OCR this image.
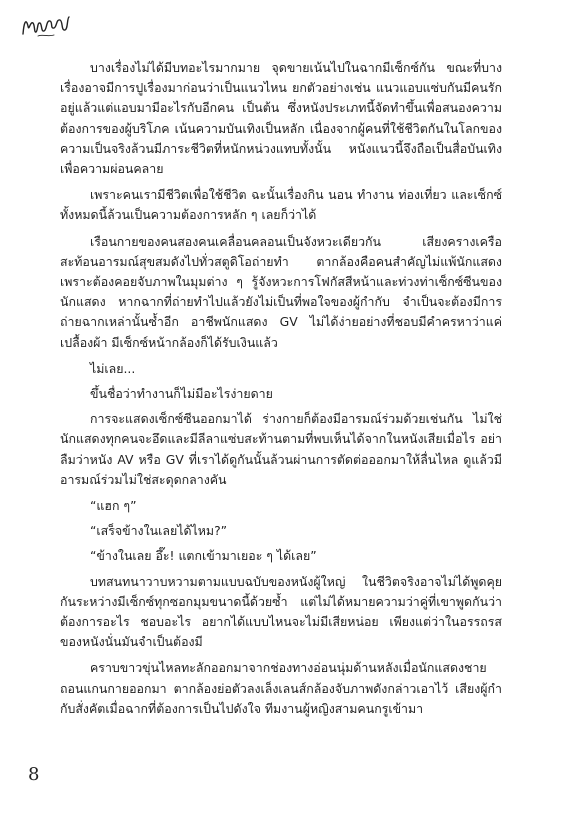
บางเรื่องไม่ได้มีบทอะไรมากมาย จุดขายเน้นไปในฉากมีเซ็กซ์กัน ขณะที่บางเรื่องอาจมีการปูเรื่องมาก่อนว่าเป็นแนวไหน ยกตัวอย่างเช่น แนวแอบแซ่บกันมีคนรักอยู่แล้วแต่แอบมามีอะไรกับอีกคน เป็นต้น ซึ่งหนังประเภทนี้จัดทำขึ้นเพื่อสนองความต้องการของผู้บริโภค เน้นความบันเทิงเป็นหลัก เนื่องจากผู้คนที่ใช้ชีวิตกันในโลกของความเป็นจริงล้วนมีภาระชีวิตที่หนักหน่วงแทบทั้งนั้น หนังแนวนี้จึงถือเป็นสื่อบันเทิงเพื่อความผ่อนคลาย

เพราะคนเรามีชีวิตเพื่อใช้ชีวิต ฉะนั้นเรื่องกิน นอน ทำงาน ท่องเที่ยว และเซ็กซ์ ทั้งหมดนี้ล้วนเป็นความต้องการหลัก ๆ เลยก็ว่าได้

เรือนกายของคนสองคนเคลื่อนคลอนเป็นจังหวะเดียวกัน เสียงครางเครือสะท้อนอารมณ์สุขสมดังไปทั่วสตูดิโอถ่ายทำ ตากล้องคือคนสำคัญไม่แพ้นักแสดงเพราะต้องคอยจับภาพในมุมต่าง ๆ รู้จังหวะการโฟกัสสีหน้าและท่วงท่าเซ็กซ์ซีนของนักแสดง หากฉากที่ถ่ายทำไปแล้วยังไม่เป็นที่พอใจของผู้กำกับ จำเป็นจะต้องมีการถ่ายฉากเหล่านั้นซ้ำอีก อาชีพนักแสดง GV ไม่ได้ง่ายอย่างที่ชอบมีคำครหาว่าแค่เปลื้องผ้า มีเซ็กซ์หน้ากล้องก็ได้รับเงินแล้ว

ไม่เลย...

ขึ้นชื่อว่าทำงานก็ไม่มีอะไรง่ายดาย

การจะแสดงเซ็กซ์ซีนออกมาได้ ร่างกายก็ต้องมีอารมณ์ร่วมด้วยเช่นกัน ไม่ใช่นักแสดงทุกคนจะอึดและมีลีลาแซ่บสะท้านตามที่พบเห็นได้จากในหนังเสียเมื่อไร อย่าลืมว่าหนัง AV หรือ GV ที่เราได้ดูกันนั้นล้วนผ่านการตัดต่อออกมาให้ลื่นไหล ดูแล้วมีอารมณ์ร่วมไม่ใช่สะดุดกลางคัน

“แฮก ๆ”

“เสร็จข้างในเลยได้ไหม?”

“ข้างในเลย อึ๊ะ! แตกเข้ามาเยอะ ๆ ได้เลย”

บทสนทนาวาบหวามตามแบบฉบับของหนังผู้ใหญ่ ในชีวิตจริงอาจไม่ได้พูดคุยกันระหว่างมีเซ็กซ์ทุกซอกมุมขนาดนี้ด้วยซ้ำ แต่ไม่ได้หมายความว่าคู่ที่เขาพูดกันว่าต้องการอะไร ชอบอะไร อยากได้แบบไหนจะไม่มีเสียหน่อย เพียงแต่ว่าในอรรถรสของหนังนั่นมันจำเป็นต้องมี

คราบขาวขุ่นไหลทะลักออกมาจากช่องทางอ่อนนุ่มด้านหลังเมื่อนักแสดงชายถอนแกนกายออกมา ตากล้องย่อตัวลงเล็งเลนส์กล้องจับภาพดังกล่าวเอาไว้ เสียงผู้กำกับสั่งคัตเมื่อฉากที่ต้องการเป็นไปดังใจ ทีมงานผู้หญิงสามคนกรูเข้ามา

8
